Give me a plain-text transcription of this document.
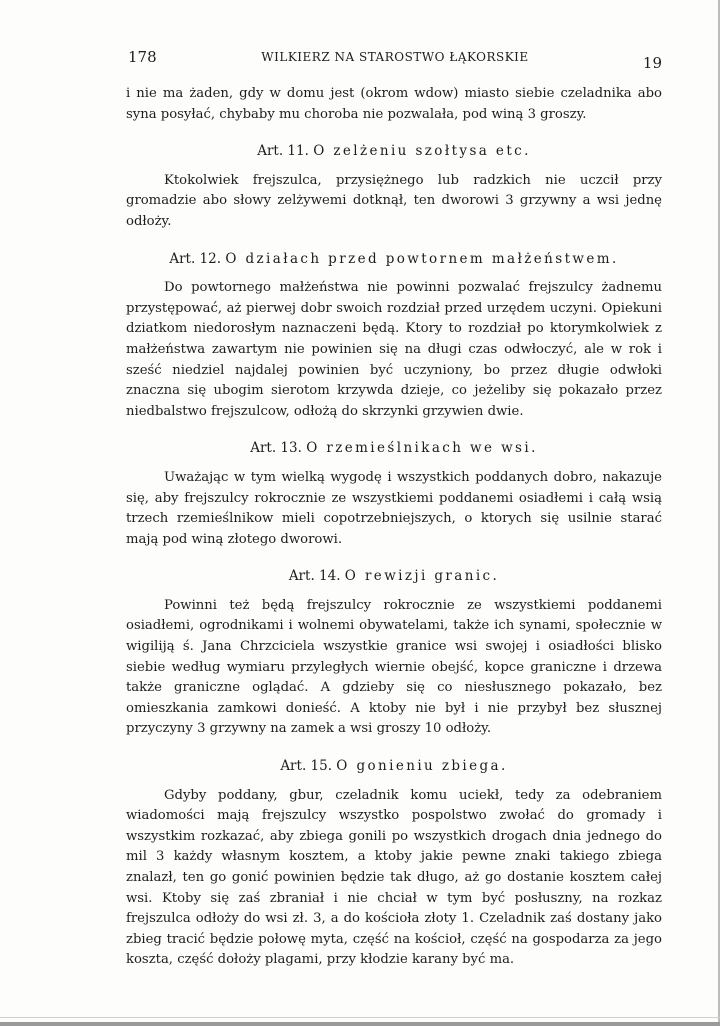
178	WILKIERZ NA STAROSTWO ŁĄKORSKIE	19

i nie ma żaden, gdy w domu jest (okrom wdow) miasto siebie czeladnika abo syna posyłać, chybaby mu choroba nie pozwalała, pod winą 3 groszy.

Art. 11. O zelżeniu szołtysa etc.

Ktokolwiek frejszulca, przysiężnego lub radzkich nie uczcił przy gromadzie abo słowy zelżywemi dotknął, ten dworowi 3 grzywny a wsi jednę odłoży.

Art. 12. O działach przed powtornem małżeństwem.

Do powtornego małżeństwa nie powinni pozwalać frejszulcy żadnemu przystępować, aż pierwej dobr swoich rozdział przed urzędem uczyni. Opiekuni dziatkom niedorosłym naznaczeni będą. Ktory to rozdział po ktorymkolwiek z małżeństwa zawartym nie powinien się na długi czas odwłoczyć, ale w rok i sześć niedziel najdalej powinien być uczyniony, bo przez długie odwłoki znaczna się ubogim sierotom krzywda dzieje, co jeżeliby się pokazało przez niedbalstwo frejszulcow, odłożą do skrzynki grzywien dwie.

Art. 13. O rzemieślnikach we wsi.

Uważając w tym wielką wygodę i wszystkich poddanych dobro, nakazuje się, aby frejszulcy rokrocznie ze wszystkiemi poddanemi osiadłemi i całą wsią trzech rzemieślnikow mieli copotrzebniejszych, o ktorych się usilnie starać mają pod winą złotego dworowi.

Art. 14. O rewizji granic.

Powinni też będą frejszulcy rokrocznie ze wszystkiemi poddanemi osiadłemi, ogrodnikami i wolnemi obywatelami, także ich synami, społecznie w wigiliją ś. Jana Chrzciciela wszystkie granice wsi swojej i osiadłości blisko siebie według wymiaru przyległych wiernie obejść, kopce graniczne i drzewa także graniczne oglądać. A gdzieby się co niesłusznego pokazało, bez omieszkania zamkowi donieść. A ktoby nie był i nie przybył bez słusznej przyczyny 3 grzywny na zamek a wsi groszy 10 odłoży.

Art. 15. O gonieniu zbiega.

Gdyby poddany, gbur, czeladnik komu uciekł, tedy za odebraniem wiadomości mają frejszulcy wszystko pospolstwo zwołać do gromady i wszystkim rozkazać, aby zbiega gonili po wszystkich drogach dnia jednego do mil 3 każdy własnym kosztem, a ktoby jakie pewne znaki takiego zbiega znalazł, ten go gonić powinien będzie tak długo, aż go dostanie kosztem całej wsi. Ktoby się zaś zbraniał i nie chciał w tym być posłuszny, na rozkaz frejszulca odłoży do wsi zł. 3, a do kościoła złoty 1. Czeladnik zaś dostany jako zbieg tracić będzie połowę myta, część na kościoł, część na gospodarza za jego koszta, część dołoży plagami, przy kłodzie karany być ma.
